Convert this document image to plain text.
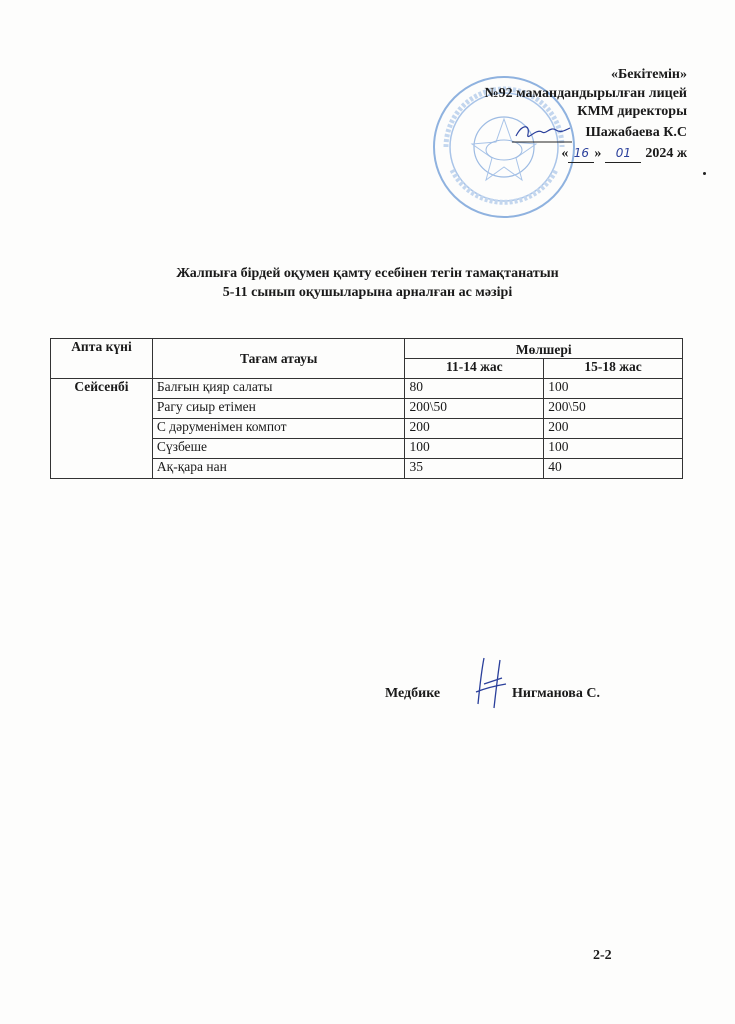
«Бекітемін»
№92 мамандандырылған лицей
КММ директоры
Шажабаева К.С
« 16 » 01 2024 ж
Жалпыға бірдей оқумен қамту есебінен тегін тамақтанатын
5-11 сынып оқушыларына арналған ас мәзірі
Апта күні	Тағам атауы	Мөлшері	
		11-14 жас	15-18 жас
Сейсенбі	Балғын қияр салаты	80	100
	Рагу сиыр етімен	200\50	200\50
	С дәруменімен компот	200	200
	Сүзбеше	100	100
	Ақ-қара нан	35	40
Медбике	Нигманова С.
2-2
